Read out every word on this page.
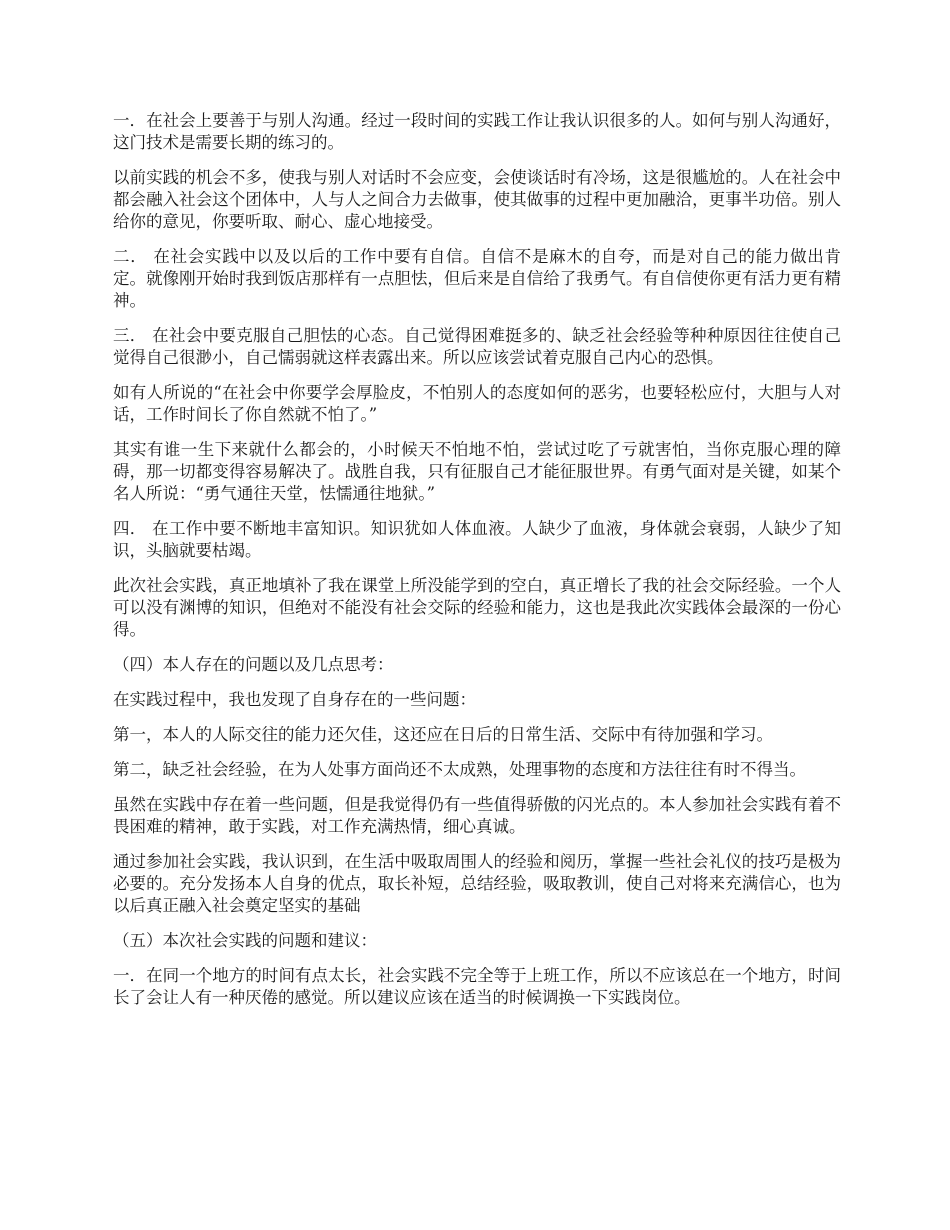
一．在社会上要善于与别人沟通。经过一段时间的实践工作让我认识很多的人。如何与别人沟通好，这门技术是需要长期的练习的。

以前实践的机会不多，使我与别人对话时不会应变，会使谈话时有冷场，这是很尴尬的。人在社会中都会融入社会这个团体中，人与人之间合力去做事，使其做事的过程中更加融洽，更事半功倍。别人给你的意见，你要听取、耐心、虚心地接受。

二． 在社会实践中以及以后的工作中要有自信。自信不是麻木的自夸，而是对自己的能力做出肯定。就像刚开始时我到饭店那样有一点胆怯，但后来是自信给了我勇气。有自信使你更有活力更有精神。

三． 在社会中要克服自己胆怯的心态。自己觉得困难挺多的、缺乏社会经验等种种原因往往使自己觉得自己很渺小，自己懦弱就这样表露出来。所以应该尝试着克服自己内心的恐惧。

如有人所说的“在社会中你要学会厚脸皮，不怕别人的态度如何的恶劣，也要轻松应付，大胆与人对话，工作时间长了你自然就不怕了。”

其实有谁一生下来就什么都会的，小时候天不怕地不怕，尝试过吃了亏就害怕，当你克服心理的障碍，那一切都变得容易解决了。战胜自我，只有征服自己才能征服世界。有勇气面对是关键，如某个名人所说：“勇气通往天堂，怯懦通往地狱。”

四． 在工作中要不断地丰富知识。知识犹如人体血液。人缺少了血液，身体就会衰弱，人缺少了知识，头脑就要枯竭。

此次社会实践，真正地填补了我在课堂上所没能学到的空白，真正增长了我的社会交际经验。一个人可以没有渊博的知识，但绝对不能没有社会交际的经验和能力，这也是我此次实践体会最深的一份心得。

（四）本人存在的问题以及几点思考：

在实践过程中，我也发现了自身存在的一些问题：

第一，本人的人际交往的能力还欠佳，这还应在日后的日常生活、交际中有待加强和学习。

第二，缺乏社会经验，在为人处事方面尚还不太成熟，处理事物的态度和方法往往有时不得当。

虽然在实践中存在着一些问题，但是我觉得仍有一些值得骄傲的闪光点的。本人参加社会实践有着不畏困难的精神，敢于实践，对工作充满热情，细心真诚。

通过参加社会实践，我认识到，在生活中吸取周围人的经验和阅历，掌握一些社会礼仪的技巧是极为必要的。充分发扬本人自身的优点，取长补短，总结经验，吸取教训，使自己对将来充满信心，也为以后真正融入社会奠定坚实的基础

（五）本次社会实践的问题和建议：

一．在同一个地方的时间有点太长，社会实践不完全等于上班工作，所以不应该总在一个地方，时间长了会让人有一种厌倦的感觉。所以建议应该在适当的时候调换一下实践岗位。
